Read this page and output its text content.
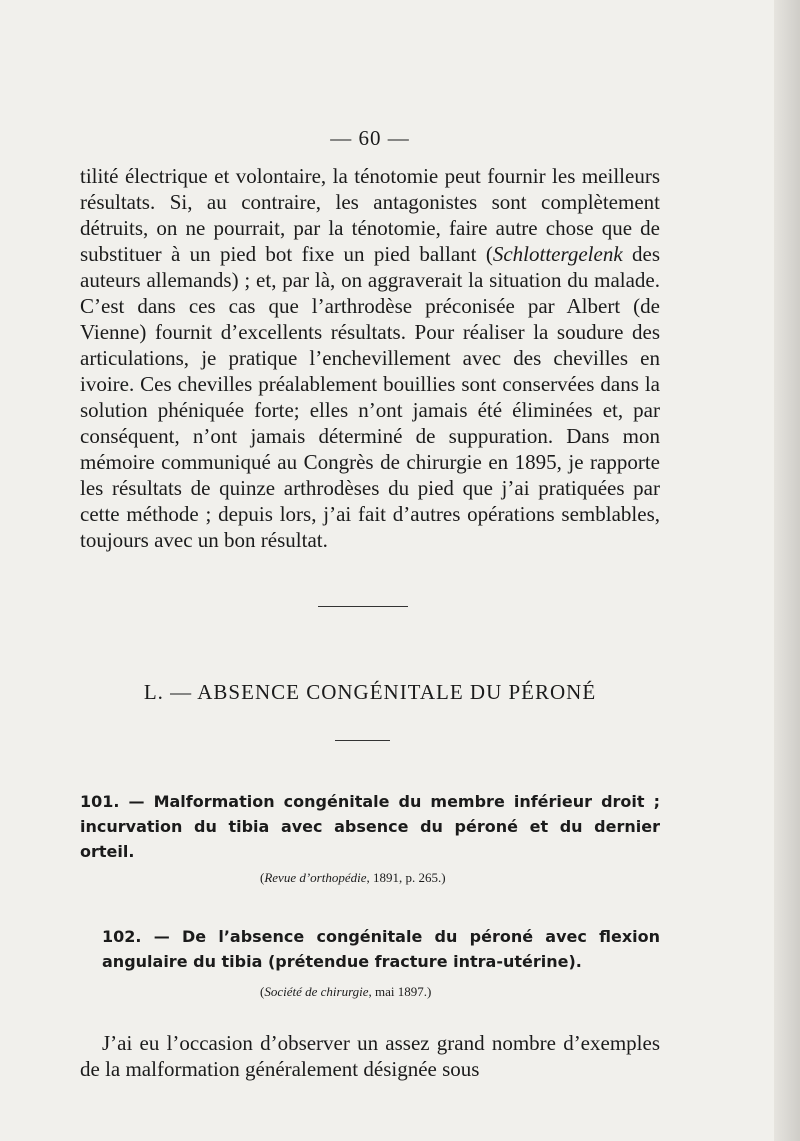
— 60 —

tilité électrique et volontaire, la ténotomie peut fournir les meilleurs résultats. Si, au contraire, les antagonistes sont complètement détruits, on ne pourrait, par la ténotomie, faire autre chose que de substituer à un pied bot fixe un pied ballant (Schlottergelenk des auteurs allemands) ; et, par là, on aggraverait la situation du malade. C’est dans ces cas que l’arthrodèse préconisée par Albert (de Vienne) fournit d’excellents résultats. Pour réaliser la soudure des articulations, je pratique l’enchevillement avec des chevilles en ivoire. Ces chevilles préalablement bouillies sont conservées dans la solution phéniquée forte; elles n’ont jamais été éliminées et, par conséquent, n’ont jamais déterminé de suppuration. Dans mon mémoire communiqué au Congrès de chirurgie en 1895, je rapporte les résultats de quinze arthrodèses du pied que j’ai pratiquées par cette méthode ; depuis lors, j’ai fait d’autres opérations semblables, toujours avec un bon résultat.

L. — ABSENCE CONGÉNITALE DU PÉRONÉ

101. — Malformation congénitale du membre inférieur droit ; incurvation du tibia avec absence du péroné et du dernier orteil.

(Revue d’orthopédie, 1891, p. 265.)

102. — De l’absence congénitale du péroné avec flexion angulaire du tibia (prétendue fracture intra-utérine).

(Société de chirurgie, mai 1897.)

J’ai eu l’occasion d’observer un assez grand nombre d’exemples de la malformation généralement désignée sous
